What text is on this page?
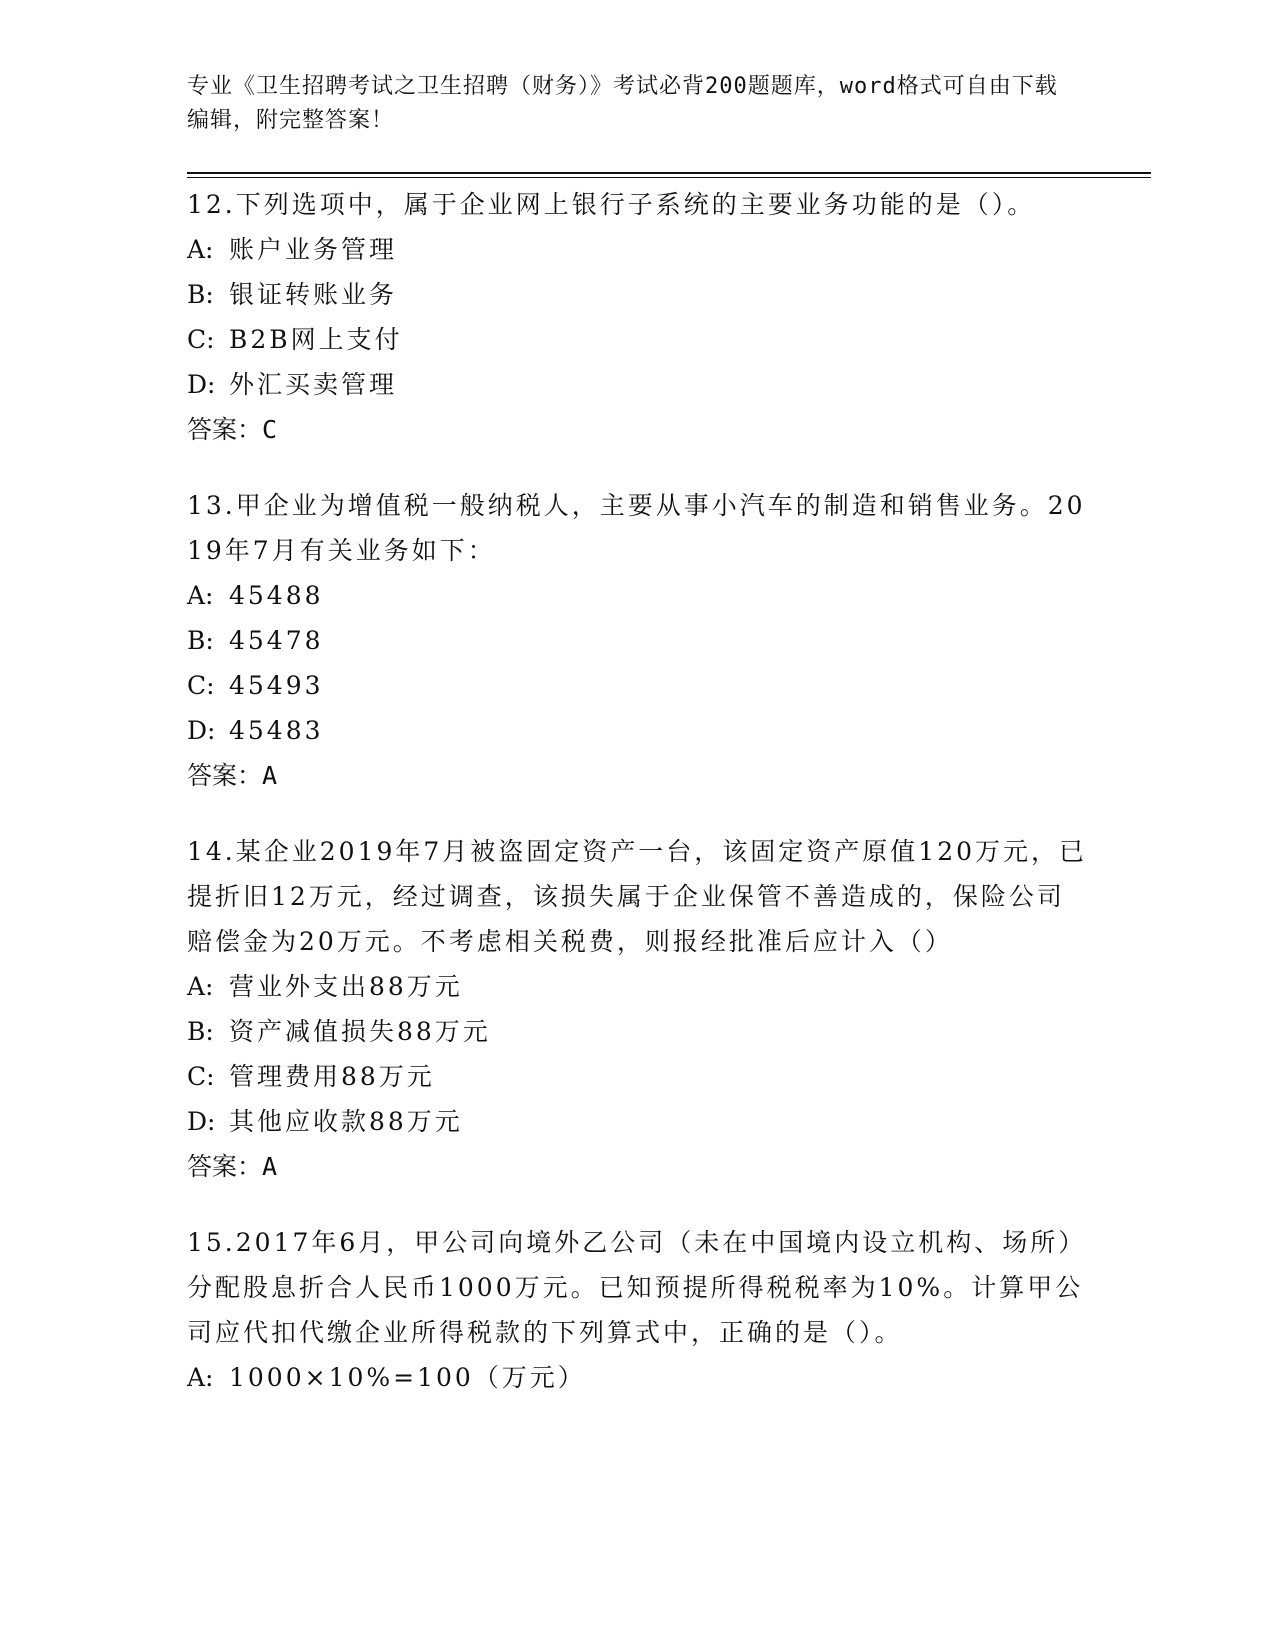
专业《卫生招聘考试之卫生招聘（财务）》考试必背200题题库，word格式可自由下载编辑，附完整答案！
12.下列选项中，属于企业网上银行子系统的主要业务功能的是（）。
A: 账户业务管理
B: 银证转账业务
C: B2B网上支付
D: 外汇买卖管理
答案：C
13.甲企业为增值税一般纳税人，主要从事小汽车的制造和销售业务。2019年7月有关业务如下：
A: 45488
B: 45478
C: 45493
D: 45483
答案：A
14.某企业2019年7月被盗固定资产一台，该固定资产原值120万元，已提折旧12万元，经过调查，该损失属于企业保管不善造成的，保险公司赔偿金为20万元。不考虑相关税费，则报经批准后应计入（）
A: 营业外支出88万元
B: 资产减值损失88万元
C: 管理费用88万元
D: 其他应收款88万元
答案：A
15.2017年6月，甲公司向境外乙公司（未在中国境内设立机构、场所）分配股息折合人民币1000万元。已知预提所得税税率为10%。计算甲公司应代扣代缴企业所得税款的下列算式中，正确的是（）。
A: 1000×10%=100（万元）
